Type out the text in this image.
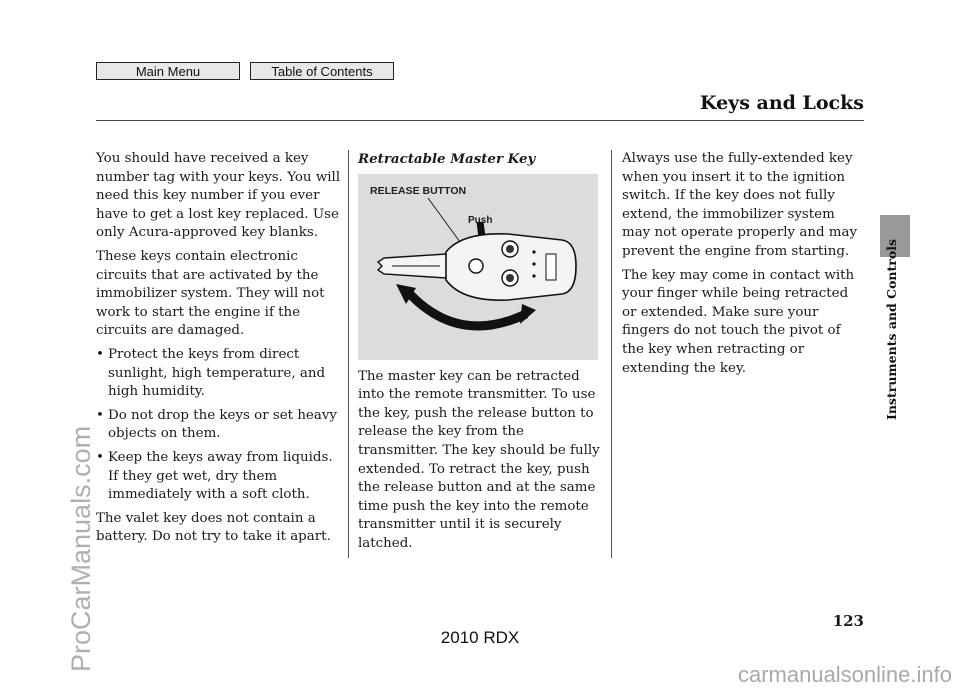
Main Menu	Table of Contents
Keys and Locks

You should have received a key number tag with your keys. You will need this key number if you ever have to get a lost key replaced. Use only Acura-approved key blanks.

These keys contain electronic circuits that are activated by the immobilizer system. They will not work to start the engine if the circuits are damaged.

• Protect the keys from direct sunlight, high temperature, and high humidity.
• Do not drop the keys or set heavy objects on them.
• Keep the keys away from liquids. If they get wet, dry them immediately with a soft cloth.

The valet key does not contain a battery. Do not try to take it apart.

Retractable Master Key

RELEASE BUTTON
Push

The master key can be retracted into the remote transmitter. To use the key, push the release button to release the key from the transmitter. The key should be fully extended. To retract the key, push the release button and at the same time push the key into the remote transmitter until it is securely latched.

Always use the fully-extended key when you insert it to the ignition switch. If the key does not fully extend, the immobilizer system may not operate properly and may prevent the engine from starting.

The key may come in contact with your finger while being retracted or extended. Make sure your fingers do not touch the pivot of the key when retracting or extending the key.	Instruments and Controls
123
2010 RDX
ProCarManuals.com
carmanualsonline.info
